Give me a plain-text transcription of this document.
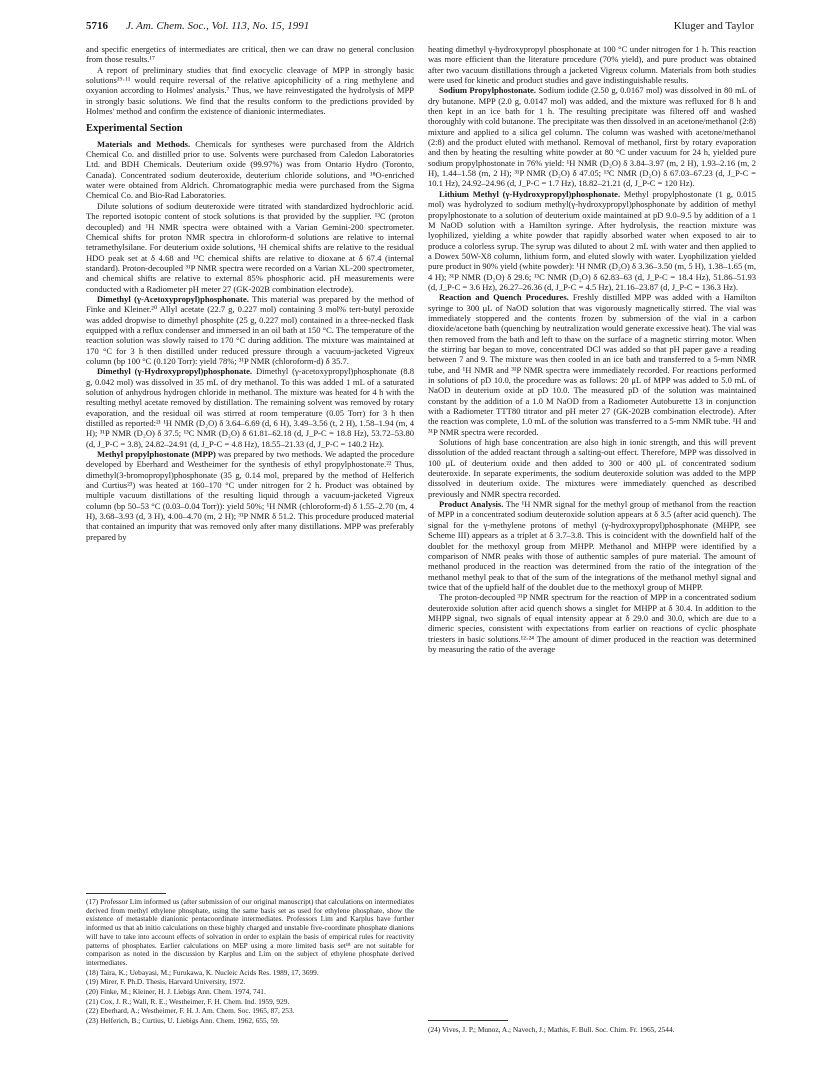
5716 J. Am. Chem. Soc., Vol. 113, No. 15, 1991	Kluger and Taylor

and specific energetics of intermediates are critical, then we can draw no general conclusion from those results.¹⁷

A report of preliminary studies that find exocyclic cleavage of MPP in strongly basic solutions¹⁹·¹¹ would require reversal of the relative apicophilicity of a ring methylene and oxyanion according to Holmes' analysis.⁷ Thus, we have reinvestigated the hydrolysis of MPP in strongly basic solutions. We find that the results conform to the predictions provided by Holmes' method and confirm the existence of dianionic intermediates.

Experimental Section

Materials and Methods. Chemicals for syntheses were purchased from the Aldrich Chemical Co. and distilled prior to use. Solvents were purchased from Caledon Laboratories Ltd. and BDH Chemicals. Deuterium oxide (99.97%) was from Ontario Hydro (Toronto, Canada). Concentrated sodium deuteroxide, deuterium chloride solutions, and ¹⁸O-enriched water were obtained from Aldrich. Chromatographic media were purchased from the Sigma Chemical Co. and Bio-Rad Laboratories.

Dilute solutions of sodium deuteroxide were titrated with standardized hydrochloric acid. The reported isotopic content of stock solutions is that provided by the supplier. ¹³C (proton decoupled) and ¹H NMR spectra were obtained with a Varian Gemini-200 spectrometer. Chemical shifts for proton NMR spectra in chloroform-d solutions are relative to internal tetramethylsilane. For deuterium oxide solutions, ¹H chemical shifts are relative to the residual HDO peak set at δ 4.68 and ¹³C chemical shifts are relative to dioxane at δ 67.4 (internal standard). Proton-decoupled ³¹P NMR spectra were recorded on a Varian XL-200 spectrometer, and chemical shifts are relative to external 85% phosphoric acid. pH measurements were conducted with a Radiometer pH meter 27 (GK-202B combination electrode).

Dimethyl (γ-Acetoxypropyl)phosphonate. This material was prepared by the method of Finke and Kleiner.²⁰ Allyl acetate (22.7 g, 0.227 mol) containing 3 mol% tert-butyl peroxide was added dropwise to dimethyl phosphite (25 g, 0.227 mol) contained in a three-necked flask equipped with a reflux condenser and immersed in an oil bath at 150 °C. The temperature of the reaction solution was slowly raised to 170 °C during addition. The mixture was maintained at 170 °C for 3 h then distilled under reduced pressure through a vacuum-jacketed Vigreux column (bp 100 °C (0.120 Torr): yield 78%; ³¹P NMR (chloroform-d) δ 35.7.

Dimethyl (γ-Hydroxypropyl)phosphonate. Dimethyl (γ-acetoxypropyl)phosphonate (8.8 g, 0.042 mol) was dissolved in 35 mL of dry methanol. To this was added 1 mL of a saturated solution of anhydrous hydrogen chloride in methanol. The mixture was heated for 4 h with the resulting methyl acetate removed by distillation. The remaining solvent was removed by rotary evaporation, and the residual oil was stirred at room temperature (0.05 Torr) for 3 h then distilled as reported:²¹ ¹H NMR (D₂O) δ 3.64–6.69 (d, 6 H), 3.49–3.56 (t, 2 H), 1.58–1.94 (m, 4 H); ³¹P NMR (D₂O) δ 37.5; ¹³C NMR (D₂O) δ 61.81–62.18 (d, J_P-C = 18.8 Hz), 53.72–53.80 (d, J_P-C = 3.8), 24.82–24.91 (d, J_P-C = 4.8 Hz), 18.55–21.33 (d, J_P-C = 140.2 Hz).

Methyl propylphostonate (MPP) was prepared by two methods. We adapted the procedure developed by Eberhard and Westheimer for the synthesis of ethyl propylphostonate.²² Thus, dimethyl(3-bromopropyl)phosphonate (35 g, 0.14 mol, prepared by the method of Helferich and Curtius²³) was heated at 160–170 °C under nitrogen for 2 h. Product was obtained by multiple vacuum distillations of the resulting liquid through a vacuum-jacketed Vigreux column (bp 50–53 °C (0.03–0.04 Torr)): yield 50%; ¹H NMR (chloroform-d) δ 1.55–2.70 (m, 4 H), 3.68–3.93 (d, 3 H), 4.00–4.70 (m, 2 H); ³¹P NMR δ 51.2. This procedure produced material that contained an impurity that was removed only after many distillations. MPP was preferably prepared by

heating dimethyl γ-hydroxypropyl phosphonate at 100 °C under nitrogen for 1 h. This reaction was more efficient than the literature procedure (70% yield), and pure product was obtained after two vacuum distillations through a jacketed Vigreux column. Materials from both studies were used for kinetic and product studies and gave indistinguishable results.

Sodium Propylphostonate. Sodium iodide (2.50 g, 0.0167 mol) was dissolved in 80 mL of dry butanone. MPP (2.0 g, 0.0147 mol) was added, and the mixture was refluxed for 8 h and then kept in an ice bath for 1 h. The resulting precipitate was filtered off and washed thoroughly with cold butanone. The precipitate was then dissolved in an acetone/methanol (2:8) mixture and applied to a silica gel column. The column was washed with acetone/methanol (2:8) and the product eluted with methanol. Removal of methanol, first by rotary evaporation and then by heating the resulting white powder at 80 °C under vacuum for 24 h, yielded pure sodium propylphostonate in 76% yield: ¹H NMR (D₂O) δ 3.84–3.97 (m, 2 H), 1.93–2.16 (m, 2 H), 1.44–1.58 (m, 2 H); ³¹P NMR (D₂O) δ 47.05; ¹³C NMR (D₂O) δ 67.03–67.23 (d, J_P-C = 10.1 Hz), 24.92–24.96 (d, J_P-C = 1.7 Hz), 18.82–21.21 (d, J_P-C = 120 Hz).

Lithium Methyl (γ-Hydroxypropyl)phosphonate. Methyl propylphostonate (1 g, 0.015 mol) was hydrolyzed to sodium methyl(γ-hydroxypropyl)phosphonate by addition of methyl propylphostonate to a solution of deuterium oxide maintained at pD 9.0–9.5 by addition of a 1 M NaOD solution with a Hamilton syringe. After hydrolysis, the reaction mixture was lyophilized, yielding a white powder that rapidly absorbed water when exposed to air to produce a colorless syrup. The syrup was diluted to about 2 mL with water and then applied to a Dowex 50W-X8 column, lithium form, and eluted slowly with water. Lyophilization yielded pure product in 90% yield (white powder): ¹H NMR (D₂O) δ 3.36–3.50 (m, 5 H), 1.38–1.65 (m, 4 H); ³¹P NMR (D₂O) δ 29.6; ¹³C NMR (D₂O) δ 62.83–63 (d, J_P-C = 18.4 Hz), 51.86–51.93 (d, J_P-C = 3.6 Hz), 26.27–26.36 (d, J_P-C = 4.5 Hz), 21.16–23.87 (d, J_P-C = 136.3 Hz).

Reaction and Quench Procedures. Freshly distilled MPP was added with a Hamilton syringe to 300 μL of NaOD solution that was vigorously magnetically stirred. The vial was immediately stoppered and the contents frozen by submersion of the vial in a carbon dioxide/acetone bath (quenching by neutralization would generate excessive heat). The vial was then removed from the bath and left to thaw on the surface of a magnetic stirring motor. When the stirring bar began to move, concentrated DCl was added so that pH paper gave a reading between 7 and 9. The mixture was then cooled in an ice bath and transferred to a 5-mm NMR tube, and ¹H NMR and ³¹P NMR spectra were immediately recorded. For reactions performed in solutions of pD 10.0, the procedure was as follows: 20 μL of MPP was added to 5.0 mL of NaOD in deuterium oxide at pD 10.0. The measured pD of the solution was maintained constant by the addition of a 1.0 M NaOD from a Radiometer Autoburette 13 in conjunction with a Radiometer TTT80 titrator and pH meter 27 (GK-202B combination electrode). After the reaction was complete, 1.0 mL of the solution was transferred to a 5-mm NMR tube. ¹H and ³¹P NMR spectra were recorded.

Solutions of high base concentration are also high in ionic strength, and this will prevent dissolution of the added reactant through a salting-out effect. Therefore, MPP was dissolved in 100 μL of deuterium oxide and then added to 300 or 400 μL of concentrated sodium deuteroxide. In separate experiments, the sodium deuteroxide solution was added to the MPP dissolved in deuterium oxide. The mixtures were immediately quenched as described previously and NMR spectra recorded.

Product Analysis. The ¹H NMR signal for the methyl group of methanol from the reaction of MPP in a concentrated sodium deuteroxide solution appears at δ 3.5 (after acid quench). The signal for the γ-methylene protons of methyl (γ-hydroxypropyl)phosphonate (MHPP, see Scheme III) appears as a triplet at δ 3.7–3.8. This is coincident with the downfield half of the doublet for the methoxyl group from MHPP. Methanol and MHPP were identified by a comparison of NMR peaks with those of authentic samples of pure material. The amount of methanol produced in the reaction was determined from the ratio of the integration of the methanol methyl peak to that of the sum of the integrations of the methanol methyl signal and twice that of the upfield half of the doublet due to the methoxyl group of MHPP.

The proton-decoupled ³¹P NMR spectrum for the reaction of MPP in a concentrated sodium deuteroxide solution after acid quench shows a singlet for MHPP at δ 30.4. In addition to the MHPP signal, two signals of equal intensity appear at δ 29.0 and 30.0, which are due to a dimeric species, consistent with expectations from earlier on reactions of cyclic phosphate triesters in basic solutions.¹²·²⁴ The amount of dimer produced in the reaction was determined by measuring the ratio of the average

(17) Professor Lim informed us (after submission of our original manuscript) that calculations on intermediates derived from methyl ethylene phosphate, using the same basis set as used for ethylene phosphate, show the existence of metastable dianionic pentacoordinate intermediates. Professors Lim and Karplus have further informed us that ab initio calculations on these highly charged and unstable five-coordinate phosphate dianions will have to take into account effects of solvation in order to explain the basis of empirical rules for reactivity patterns of phosphates. Earlier calculations on MEP using a more limited basis set¹⁸ are not suitable for comparison as noted in the discussion by Karplus and Lim on the subject of ethylene phosphate derived intermediates.
(18) Taira, K.; Uebayasi, M.; Furukawa, K. Nucleic Acids Res. 1989, 17, 3699.
(19) Mirer, F. Ph.D. Thesis, Harvard University, 1972.
(20) Finke, M.; Kleiner, H. J. Liebigs Ann. Chem. 1974, 741.
(21) Cox, J. R.; Wall, R. E.; Westheimer, F. H. Chem. Ind. 1959, 929.
(22) Eberhard, A.; Westheimer, F. H. J. Am. Chem. Soc. 1965, 87, 253.
(23) Helferich, B.; Curtius, U. Liebigs Ann. Chem. 1962, 655, 59.
(24) Vives, J. P.; Munoz, A.; Navech, J.; Mathis, F. Bull. Soc. Chim. Fr. 1965, 2544.
